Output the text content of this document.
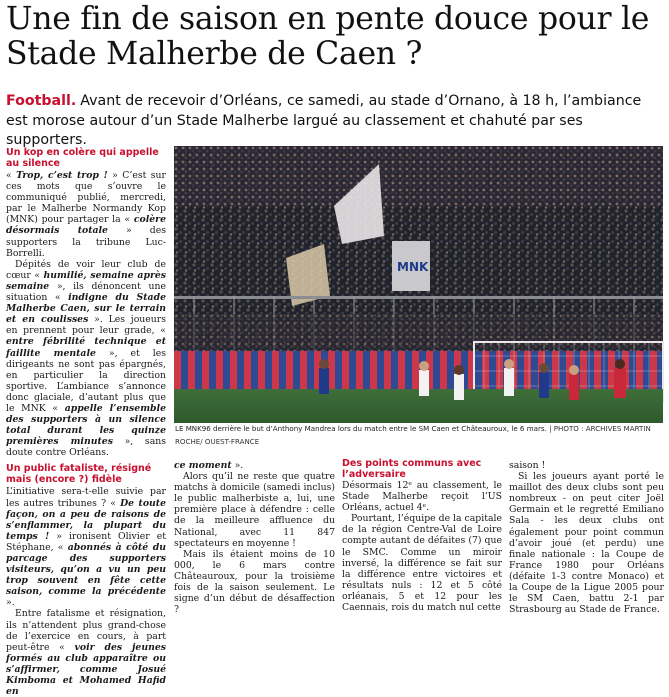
Une fin de saison en pente douce pour le Stade Malherbe de Caen ?
Football. Avant de recevoir d’Orléans, ce samedi, au stade d’Ornano, à 18 h, l’ambiance est morose autour d’un Stade Malherbe largué au classement et chahuté par ses supporters.
Un kop en colère qui appelle au silence

« Trop, c’est trop ! » C’est sur ces mots que s’ouvre le communiqué publié, mercredi, par le Malherbe Normandy Kop (MNK) pour partager la « colère désormais totale » des supporters la tribune Luc-Borrelli.

Dépités de voir leur club de cœur « humilié, semaine après semaine », ils dénoncent une situation « indigne du Stade Malherbe Caen, sur le terrain et en coulisses ». Les joueurs en prennent pour leur grade, « entre fébrilité technique et faillite mentale », et les dirigeants ne sont pas épargnés, en particulier la direction sportive. L’ambiance s’annonce donc glaciale, d’autant plus que le MNK « appelle l’ensemble des supporters à un silence total durant les quinze premières minutes », sans doute contre Orléans.

Un public fataliste, résigné mais (encore ?) fidèle

L’initiative sera-t-elle suivie par les autres tribunes ? « De toute façon, on a peu de raisons de s’enflammer, la plupart du temps ! » ironisent Olivier et Stéphane, « abonnés à côté du parcage des supporters visiteurs, qu’on a vu un peu trop souvent en fête cette saison, comme la précédente ».

Entre fatalisme et résignation, ils n’attendent plus grand-chose de l’exercice en cours, à part peut-être « voir des jeunes formés au club apparaître ou s’affirmer, comme Josué Kimboma et Mohamed Hafid en

MNK
LE MNK96 derrière le but d’Anthony Mandrea lors du match entre le SM Caen et Châteauroux, le 6 mars. | PHOTO : ARCHIVES MARTIN ROCHE/ OUEST-FRANCE

ce moment ».

Alors qu’il ne reste que quatre matchs à domicile (samedi inclus) le public malherbiste a, lui, une première place à défendre : celle de la meilleure affluence du National, avec 11 847 spectateurs en moyenne !

Mais ils étaient moins de 10 000, le 6 mars contre Châteauroux, pour la troisième fois de la saison seulement. Le signe d’un début de désaffection ?

Des points communs avec l’adversaire

Désormais 12ᵉ au classement, le Stade Malherbe reçoit l’US Orléans, actuel 4ᵉ.

Pourtant, l’équipe de la capitale de la région Centre-Val de Loire compte autant de défaites (7) que le SMC. Comme un miroir inversé, la différence se fait sur la différence entre victoires et résultats nuls : 12 et 5 côté orléanais, 5 et 12 pour les Caennais, rois du match nul cette

saison !

Si les joueurs ayant porté le maillot des deux clubs sont peu nombreux - on peut citer Joël Germain et le regretté Emiliano Sala - les deux clubs ont également pour point commun d’avoir joué (et perdu) une finale nationale : la Coupe de France 1980 pour Orléans (défaite 1-3 contre Monaco) et la Coupe de la Ligue 2005 pour le SM Caen, battu 2-1 par Strasbourg au Stade de France.
